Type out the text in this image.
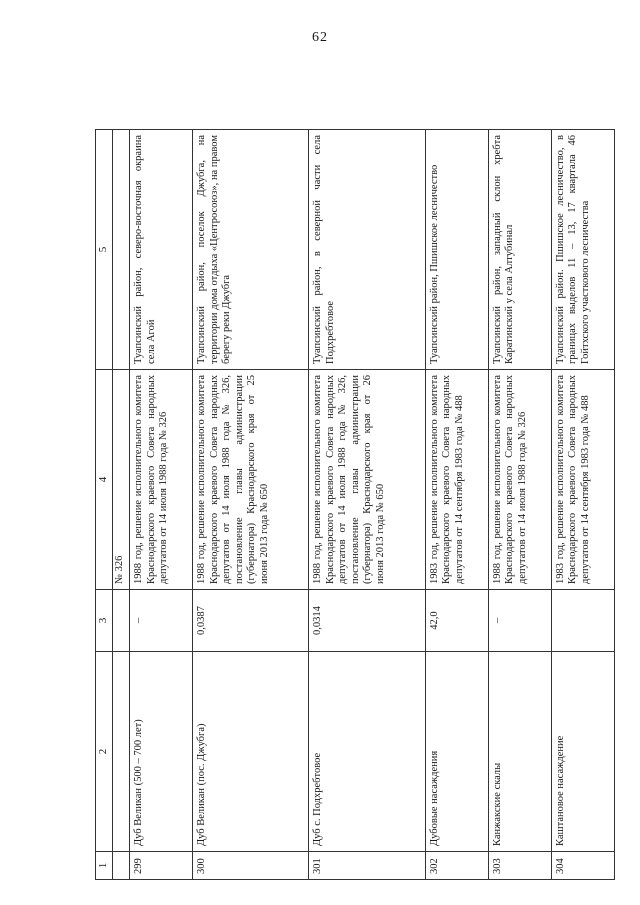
62
1	2	3	4	5
			№ 326	
299	Дуб Великан (500 – 700 лет)	–	1988 год, решение исполнительного комитета Краснодарского краевого Совета народных депутатов от 14 июля 1988 года № 326	Туапсинский район, северо-восточная окраина села Агой
300	Дуб Великан (пос. Джубга)	0,0387	1988 год, решение исполнительного комитета Краснодарского краевого Совета народных депутатов от 14 июля 1988 года № 326, постановление главы администрации (губернатора) Краснодарского края от 25 июня 2013 года № 650	Туапсинский район, поселок Джубга, на территории дома отдыха «Центросоюз», на правом берегу реки Джубга
301	Дуб с. Подхребтовое	0,0314	1988 год, решение исполнительного комитета Краснодарского краевого Совета народных депутатов от 14 июля 1988 года № 326, постановление главы администрации (губернатора) Краснодарского края от 26 июня 2013 года № 650	Туапсинский район, в северной части села Подхребтовое
302	Дубовые насаждения	42,0	1983 год, решение исполнительного комитета Краснодарского краевого Совета народных депутатов от 14 сентября 1983 года № 488	Туапсинский район, Пшишское лесничество
303	Канжакские скалы	–	1988 год, решение исполнительного комитета Краснодарского краевого Совета народных депутатов от 14 июля 1988 года № 326	Туапсинский район, западный склон хребта Каратинский у села Алтубинал
304	Каштановое насаждение		1983 год, решение исполнительного комитета Краснодарского краевого Совета народных депутатов от 14 сентября 1983 года № 488	Туапсинский район. Пшишское лесничество, в границах выделов 11 – 13, 17 квартала 46 Гойтхского участкового лесничества
